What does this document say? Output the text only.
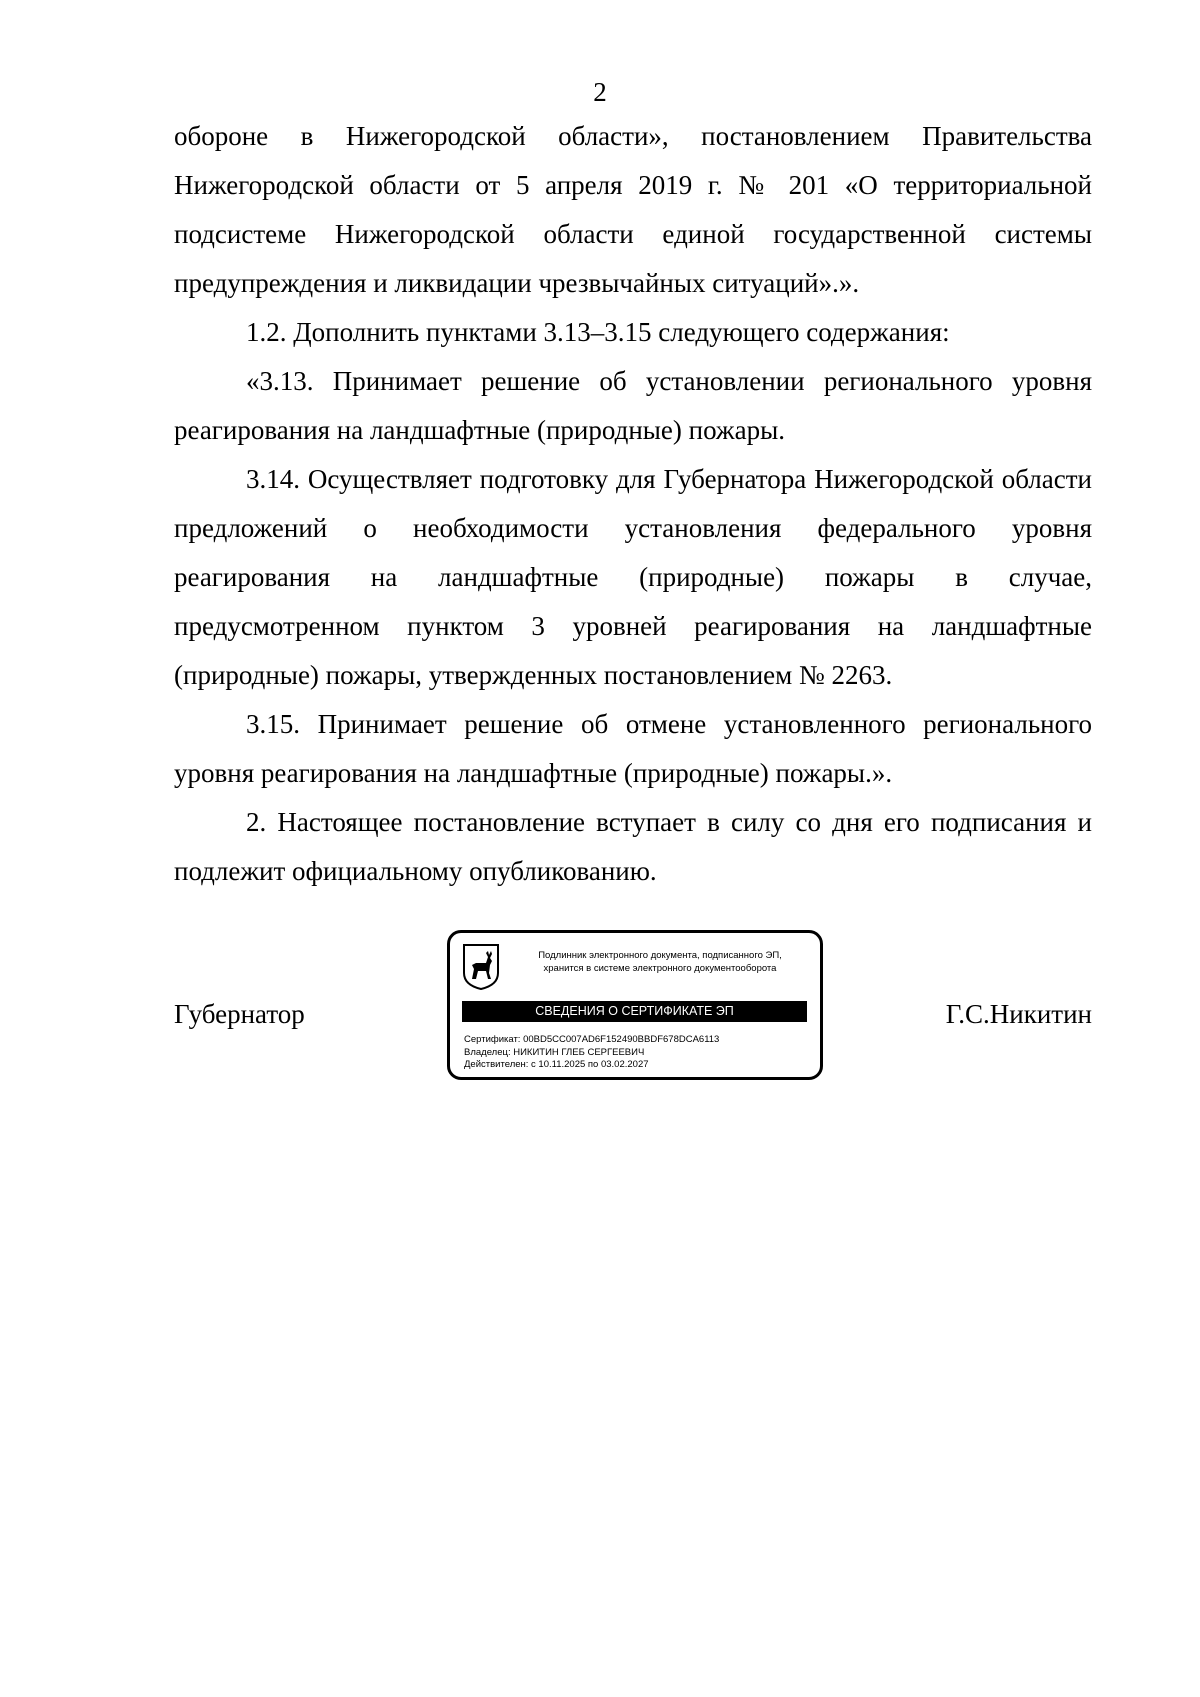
2

обороне в Нижегородской области», постановлением Правительства Нижегородской области от 5 апреля 2019 г. № 201 «О территориальной подсистеме Нижегородской области единой государственной системы предупреждения и ликвидации чрезвычайных ситуаций».».

1.2. Дополнить пунктами 3.13–3.15 следующего содержания:

«3.13. Принимает решение об установлении регионального уровня реагирования на ландшафтные (природные) пожары.

3.14. Осуществляет подготовку для Губернатора Нижегородской области предложений о необходимости установления федерального уровня реагирования на ландшафтные (природные) пожары в случае, предусмотренном пунктом 3 уровней реагирования на ландшафтные (природные) пожары, утвержденных постановлением № 2263.

3.15. Принимает решение об отмене установленного регионального уровня реагирования на ландшафтные (природные) пожары.».

2. Настоящее постановление вступает в силу со дня его подписания и подлежит официальному опубликованию.

Губернатор
Подлинник электронного документа, подписанного ЭП,
хранится в системе электронного документооборота
СВЕДЕНИЯ О СЕРТИФИКАТЕ ЭП
Сертификат: 00BD5CC007AD6F152490BBDF678DCA6113
Владелец: НИКИТИН ГЛЕБ СЕРГЕЕВИЧ
Действителен: с 10.11.2025 по 03.02.2027
Г.С.Никитин
